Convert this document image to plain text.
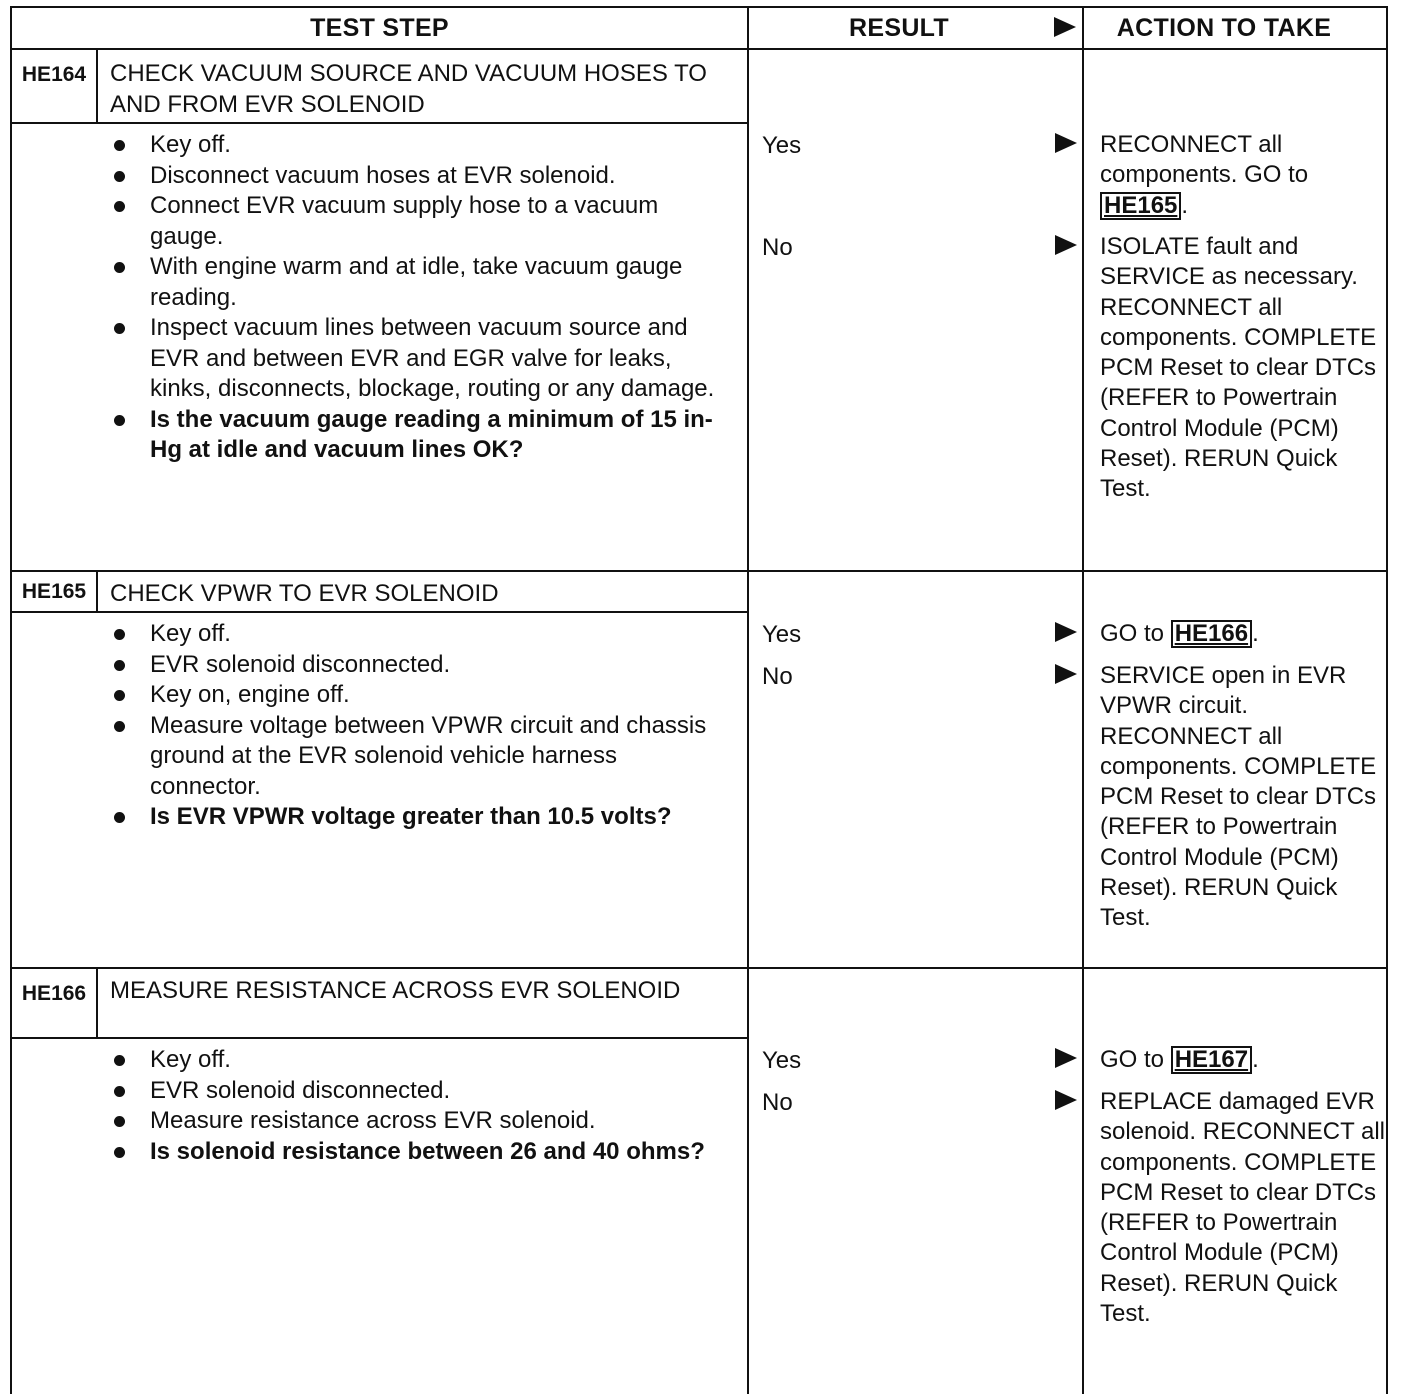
TEST STEP	RESULT	ACTION TO TAKE
HE164 CHECK VACUUM SOURCE AND VACUUM HOSES TO AND FROM EVR SOLENOID
Key off.
Disconnect vacuum hoses at EVR solenoid.
Connect EVR vacuum supply hose to a vacuum gauge.
With engine warm and at idle, take vacuum gauge reading.
Inspect vacuum lines between vacuum source and EVR and between EVR and EGR valve for leaks, kinks, disconnects, blockage, routing or any damage.
Is the vacuum gauge reading a minimum of 15 in-Hg at idle and vacuum lines OK?
Yes	RECONNECT all components. GO to HE165 .
No	ISOLATE fault and SERVICE as necessary. RECONNECT all components. COMPLETE PCM Reset to clear DTCs (REFER to Powertrain Control Module (PCM) Reset). RERUN Quick Test.
HE165 CHECK VPWR TO EVR SOLENOID
Key off.
EVR solenoid disconnected.
Key on, engine off.
Measure voltage between VPWR circuit and chassis ground at the EVR solenoid vehicle harness connector.
Is EVR VPWR voltage greater than 10.5 volts?
Yes	GO to HE166 .
No	SERVICE open in EVR VPWR circuit. RECONNECT all components. COMPLETE PCM Reset to clear DTCs (REFER to Powertrain Control Module (PCM) Reset). RERUN Quick Test.
HE166 MEASURE RESISTANCE ACROSS EVR SOLENOID
Key off.
EVR solenoid disconnected.
Measure resistance across EVR solenoid.
Is solenoid resistance between 26 and 40 ohms?
Yes	GO to HE167 .
No	REPLACE damaged EVR solenoid. RECONNECT all components. COMPLETE PCM Reset to clear DTCs (REFER to Powertrain Control Module (PCM) Reset). RERUN Quick Test.
